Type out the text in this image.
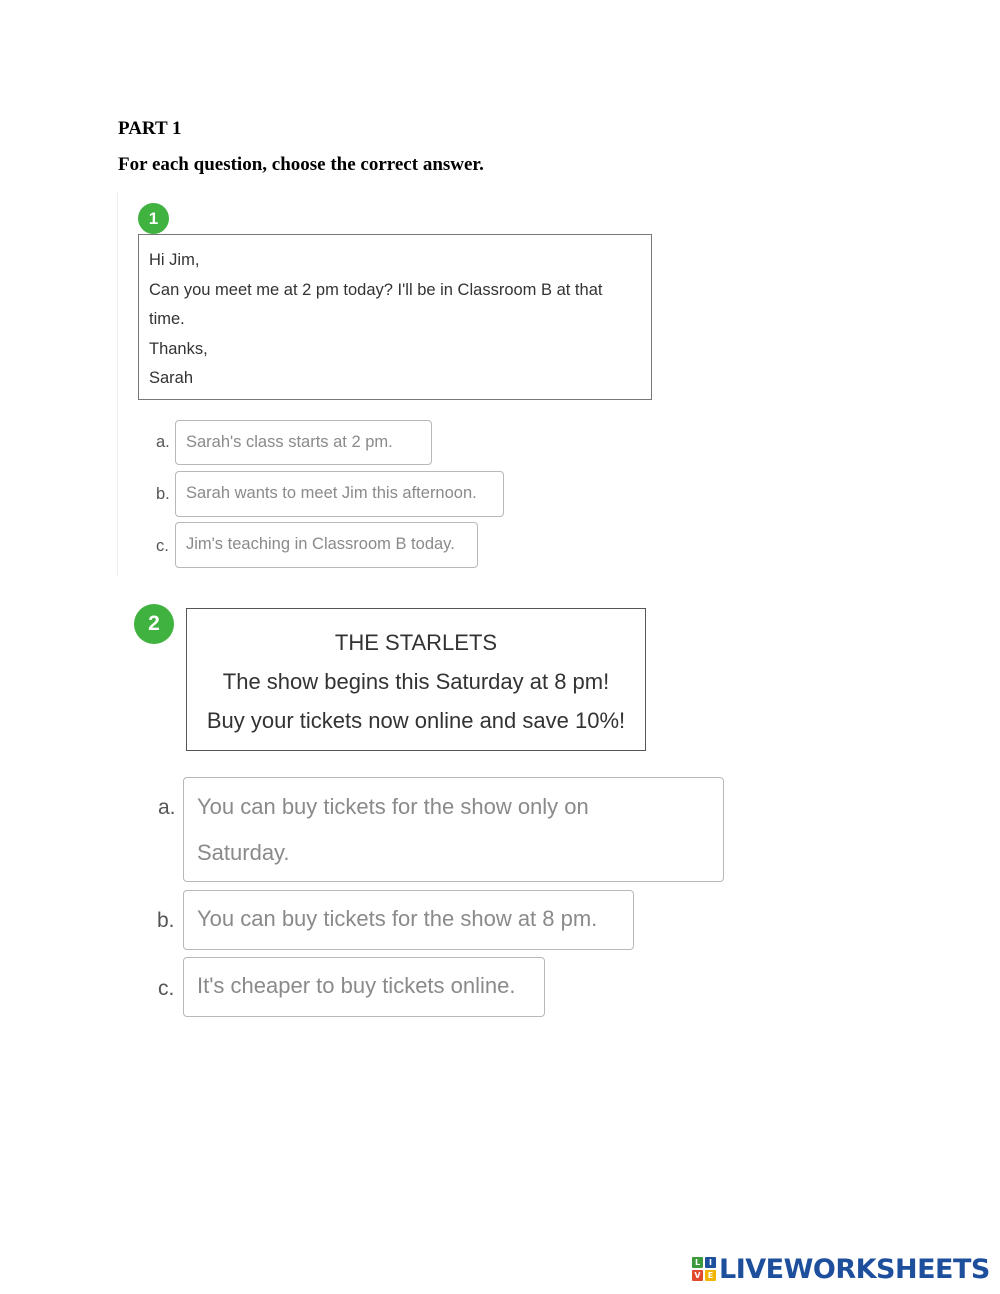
PART 1
For each question, choose the correct answer.
1
Hi Jim,
Can you meet me at 2 pm today? I'll be in Classroom B at that
time.
Thanks,
Sarah
a. Sarah's class starts at 2 pm.
b. Sarah wants to meet Jim this afternoon.
c.	Jim's teaching in Classroom B today.
2
THE STARLETS
The show begins this Saturday at 8 pm!
Buy your tickets now online and save 10%!
a. You can buy tickets for the show only on Saturday.
b.	You can buy tickets for the show at 8 pm.
c.	It's cheaper to buy tickets online.
L	I
V E LIVEWORKSHEETS
